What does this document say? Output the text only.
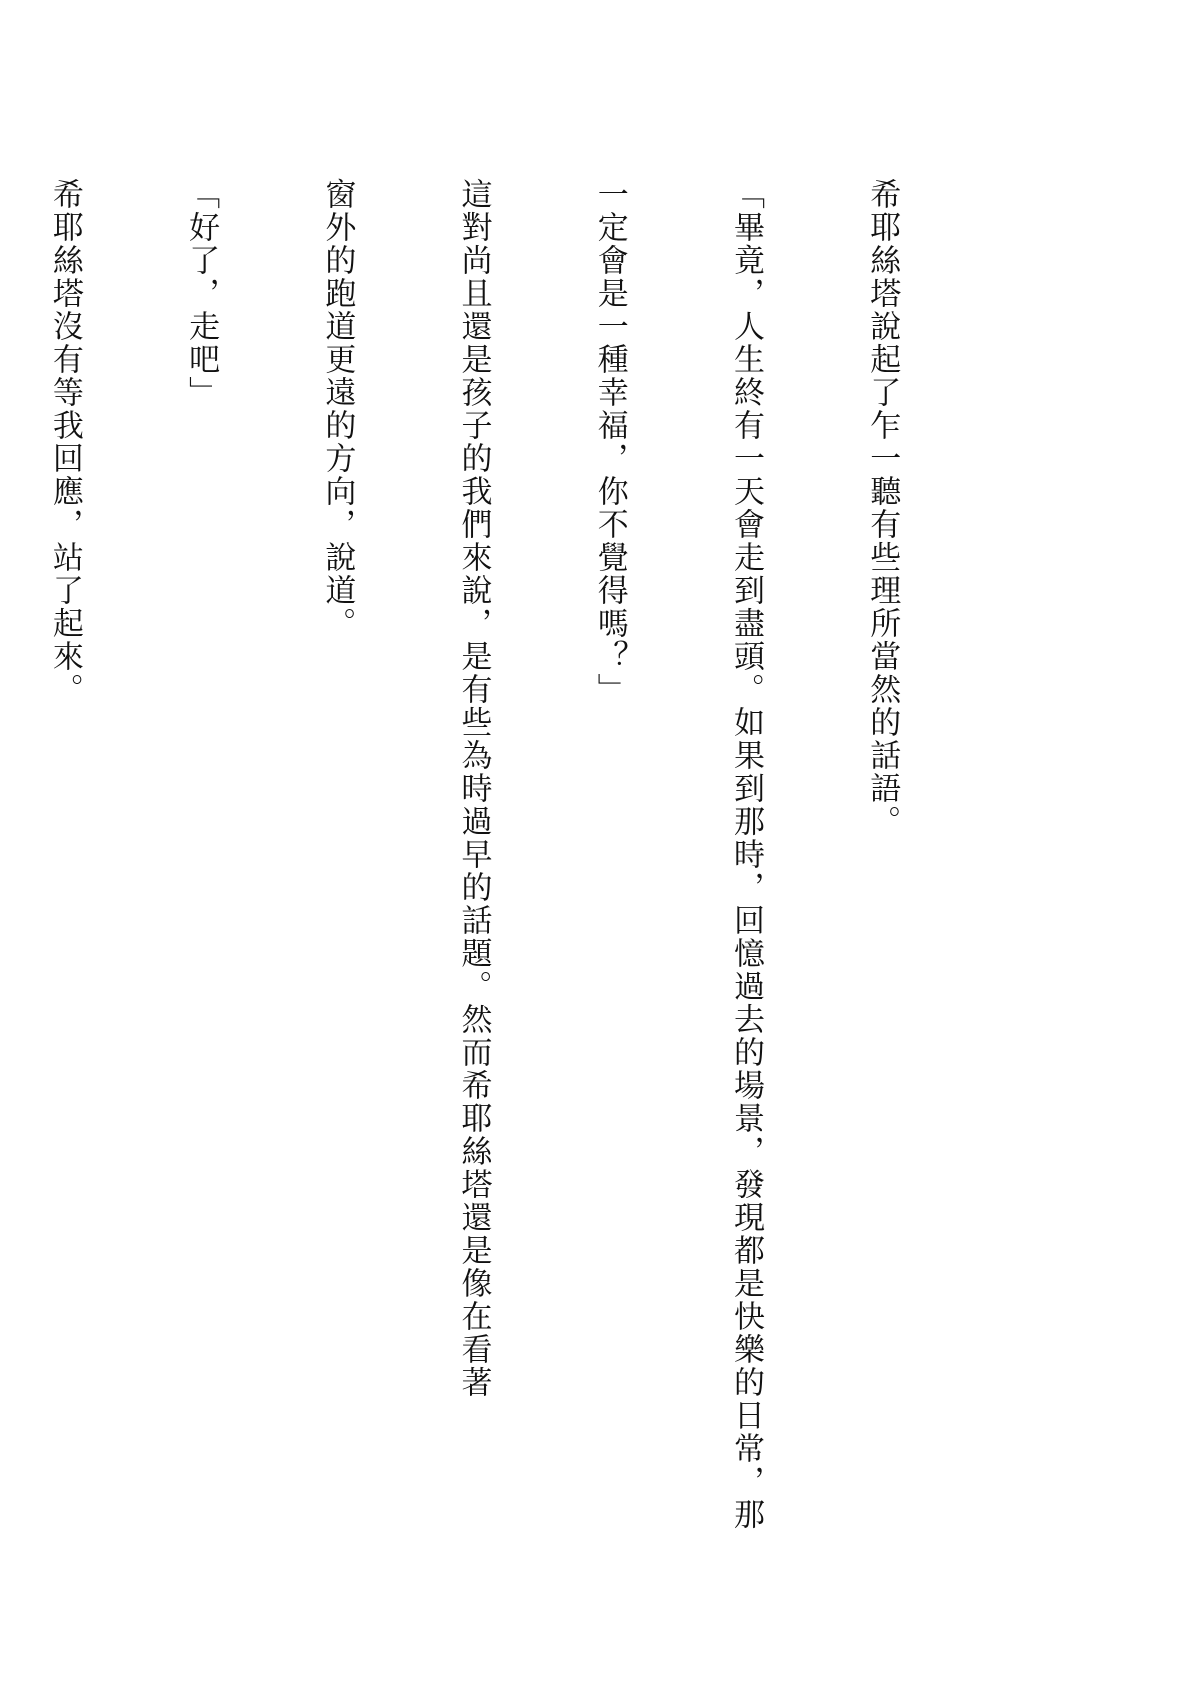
希耶絲塔說起了乍一聽有些理所當然的話語。

「畢竟，人生終有一天會走到盡頭。如果到那時，回憶過去的場景，發現都是快樂的日常，那

一定會是一種幸福，你不覺得嗎？」

這對尚且還是孩子的我們來說，是有些為時過早的話題。然而希耶絲塔還是像在看著

窗外的跑道更遠的方向，說道。

「好了，走吧」

希耶絲塔沒有等我回應，站了起來。
